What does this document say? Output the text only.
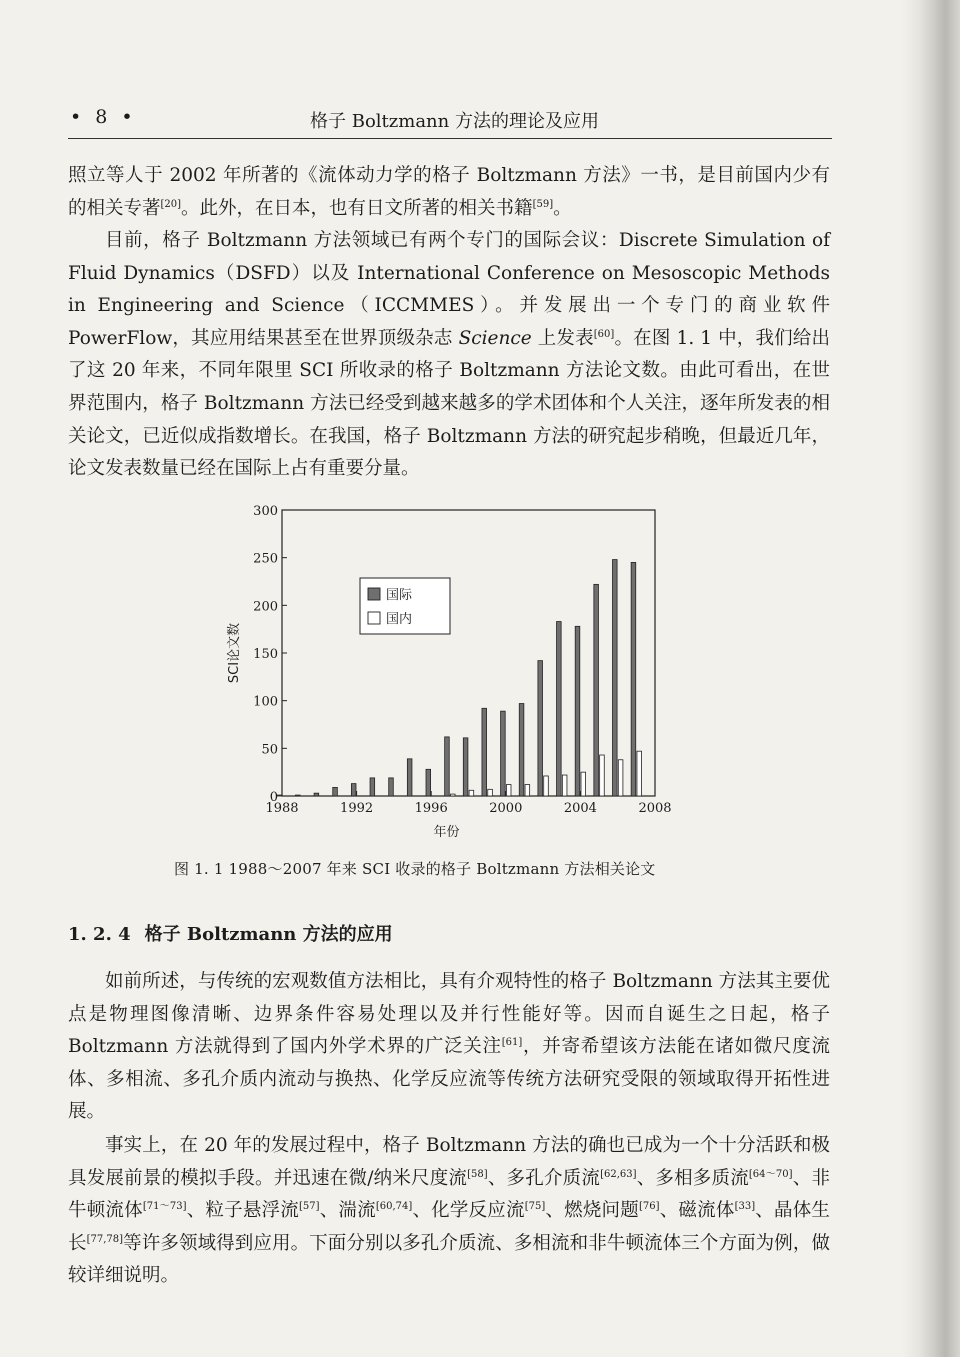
• 8 •	格子 Boltzmann 方法的理论及应用

照立等人于 2002 年所著的《流体动力学的格子 Boltzmann 方法》一书，是目前国内少有的相关专著[20]。此外，在日本，也有日文所著的相关书籍[59]。

目前，格子 Boltzmann 方法领域已有两个专门的国际会议：Discrete Simulation of Fluid Dynamics（DSFD）以及 International Conference on Mesoscopic Methods in Engineering and Science（ICCMMES）。并发展出一个专门的商业软件 PowerFlow，其应用结果甚至在世界顶级杂志 Science 上发表[60]。在图 1. 1 中，我们给出了这 20 年来，不同年限里 SCI 所收录的格子 Boltzmann 方法论文数。由此可看出，在世界范围内，格子 Boltzmann 方法已经受到越来越多的学术团体和个人关注，逐年所发表的相关论文，已近似成指数增长。在我国，格子 Boltzmann 方法的研究起步稍晚，但最近几年，论文发表数量已经在国际上占有重要分量。

0
50
100
150
200
250
300
1988	1992	1996	2000	2004	2008
国际
国内
年份
SCI论文数
图 1. 1 1988～2007 年来 SCI 收录的格子 Boltzmann 方法相关论文
1. 2. 4 格子 Boltzmann 方法的应用

如前所述，与传统的宏观数值方法相比，具有介观特性的格子 Boltzmann 方法其主要优点是物理图像清晰、边界条件容易处理以及并行性能好等。因而自诞生之日起，格子 Boltzmann 方法就得到了国内外学术界的广泛关注[61]，并寄希望该方法能在诸如微尺度流体、多相流、多孔介质内流动与换热、化学反应流等传统方法研究受限的领域取得开拓性进展。

事实上，在 20 年的发展过程中，格子 Boltzmann 方法的确也已成为一个十分活跃和极具发展前景的模拟手段。并迅速在微/纳米尺度流[58]、多孔介质流[62,63]、多相多质流[64～70]、非牛顿流体[71～73]、粒子悬浮流[57]、湍流[60,74]、化学反应流[75]、燃烧问题[76]、磁流体[33]、晶体生长[77,78]等许多领域得到应用。下面分别以多孔介质流、多相流和非牛顿流体三个方面为例，做较详细说明。
